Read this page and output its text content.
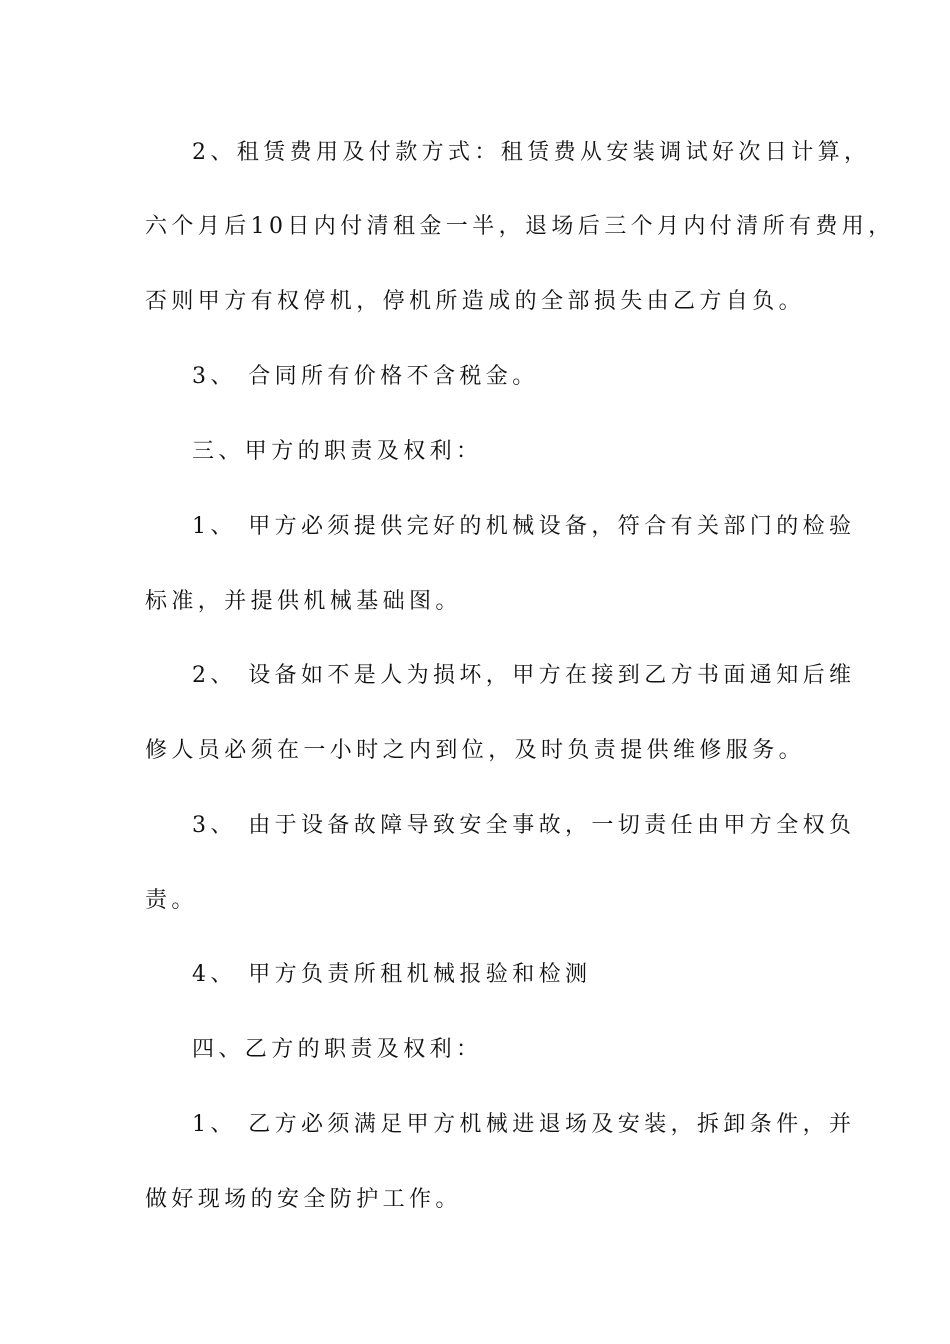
2、租赁费用及付款方式：租赁费从安装调试好次日计算，
六个月后10日内付清租金一半，退场后三个月内付清所有费用，
否则甲方有权停机，停机所造成的全部损失由乙方自负。
3、 合同所有价格不含税金。
三、甲方的职责及权利：
1、 甲方必须提供完好的机械设备，符合有关部门的检验
标准，并提供机械基础图。
2、 设备如不是人为损坏，甲方在接到乙方书面通知后维
修人员必须在一小时之内到位，及时负责提供维修服务。
3、 由于设备故障导致安全事故，一切责任由甲方全权负
责。
4、 甲方负责所租机械报验和检测
四、乙方的职责及权利：
1、 乙方必须满足甲方机械进退场及安装，拆卸条件，并
做好现场的安全防护工作。
